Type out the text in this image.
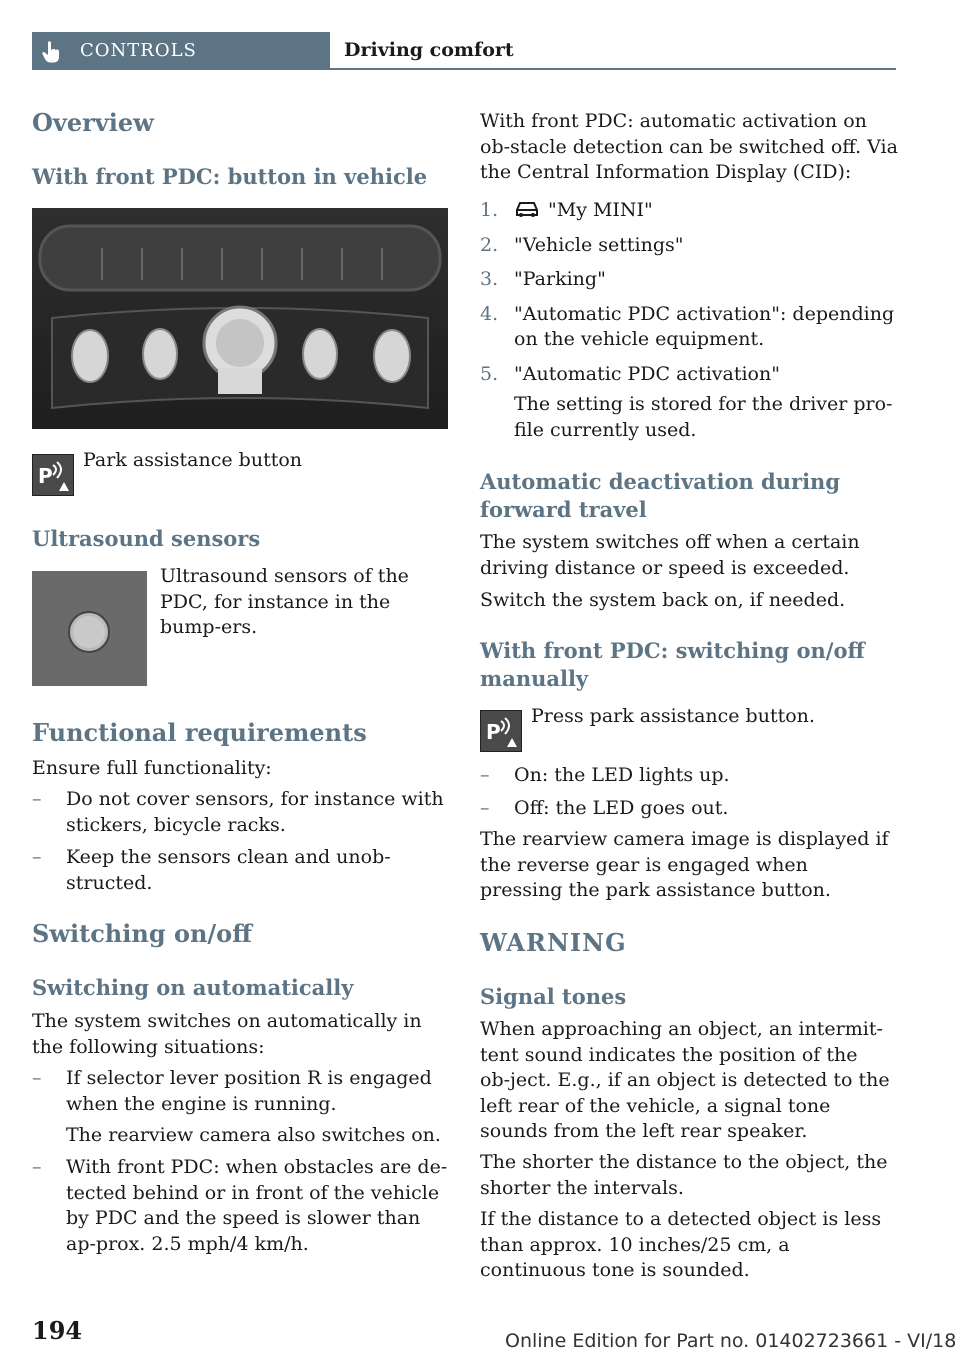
CONTROLS	Driving comfort
Overview
With front PDC: button in vehicle
P

Park assistance button

Ultrasound sensors

Ultrasound sensors of the PDC, for instance in the bump-ers.

Functional requirements

Ensure full functionality:

– Do not cover sensors, for instance with stickers, bicycle racks.
– Keep the sensors clean and unob-structed.
Switching on/off
Switching on automatically

The system switches on automatically in the following situations:

– If selector lever position R is engaged when the engine is running.

The rearview camera also switches on.

– With front PDC: when obstacles are de-tected behind or in front of the vehicle by PDC and the speed is slower than ap-prox. 2.5 mph/4 km/h.

With front PDC: automatic activation on ob-stacle detection can be switched off. Via the Central Information Display (CID):

1.	"My MINI"
2. "Vehicle settings"
3. "Parking"
4. "Automatic PDC activation": depending on the vehicle equipment.
5. "Automatic PDC activation"

The setting is stored for the driver pro-file currently used.

Automatic deactivation during forward travel

The system switches off when a certain driving distance or speed is exceeded.

Switch the system back on, if needed.

With front PDC: switching on/off manually
P

Press park assistance button.

– On: the LED lights up.
– Off: the LED goes out.

The rearview camera image is displayed if the reverse gear is engaged when pressing the park assistance button.

WARNING
Signal tones

When approaching an object, an intermit-tent sound indicates the position of the ob-ject. E.g., if an object is detected to the left rear of the vehicle, a signal tone sounds from the left rear speaker.

The shorter the distance to the object, the shorter the intervals.

If the distance to a detected object is less than approx. 10 inches/25 cm, a continuous tone is sounded.

194	Online Edition for Part no. 01402723661 - VI/18
